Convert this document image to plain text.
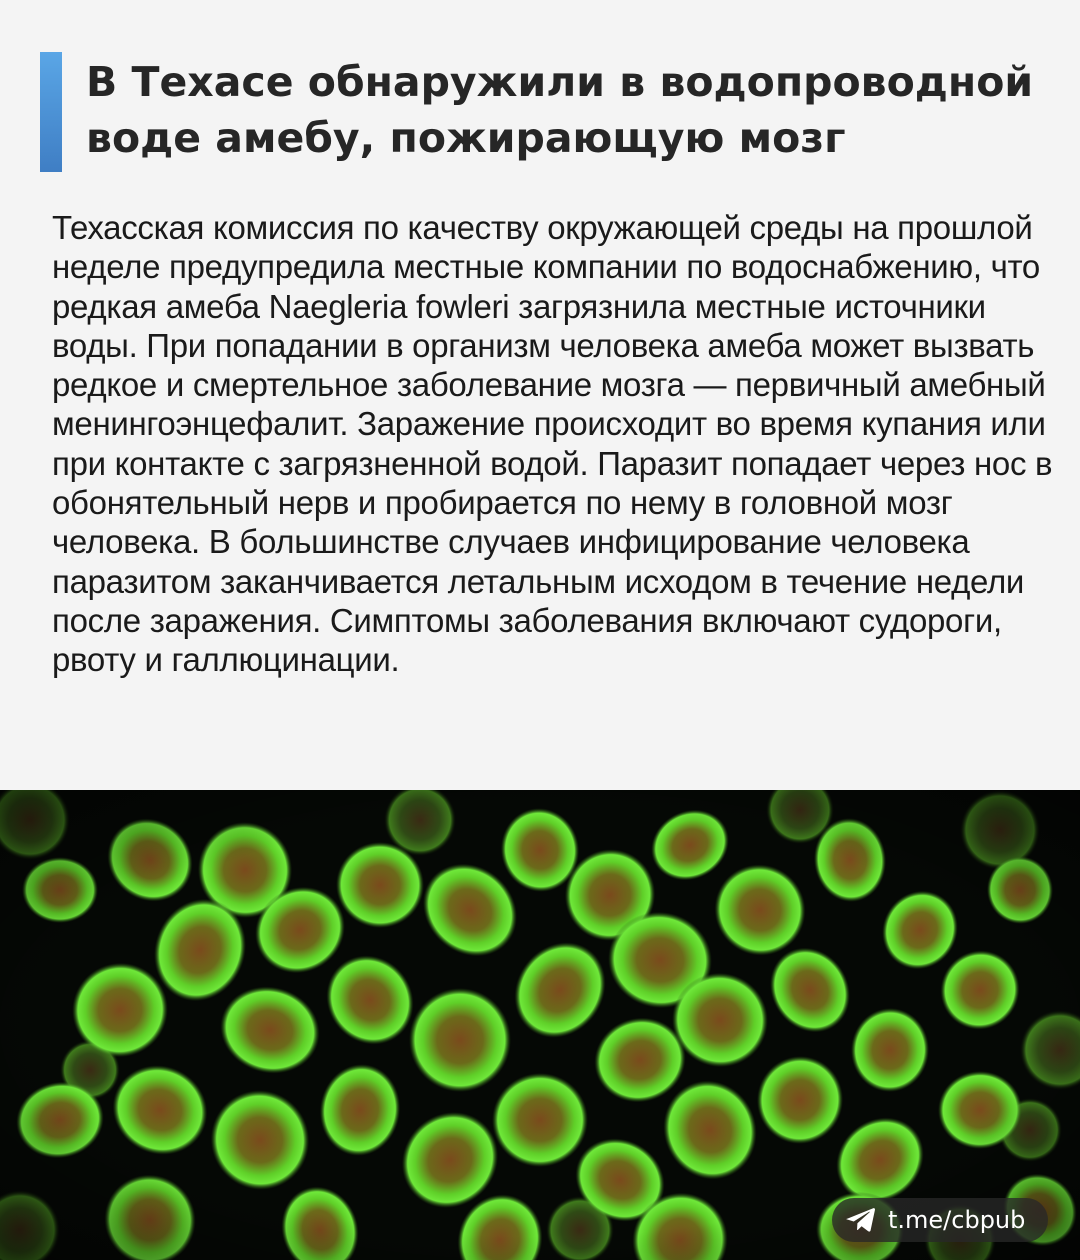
В Техасе обнаружили в водопроводной воде амебу, пожирающую мозг

Техасская комиссия по качеству окружающей среды на прошлой неделе предупредила местные компании по водоснабжению, что редкая амеба Naegleria fowleri загрязнила местные источники воды. При попадании в организм человека амеба может вызвать редкое и смертельное заболевание мозга — первичный амебный менингоэнцефалит. Заражение происходит во время купания или при контакте с загрязненной водой. Паразит попадает через нос в обонятельный нерв и пробирается по нему в головной мозг человека. В большинстве случаев инфицирование человека паразитом заканчивается летальным исходом в течение недели после заражения. Симптомы заболевания включают судороги, рвоту и галлюцинации.

t.me/cbpub
